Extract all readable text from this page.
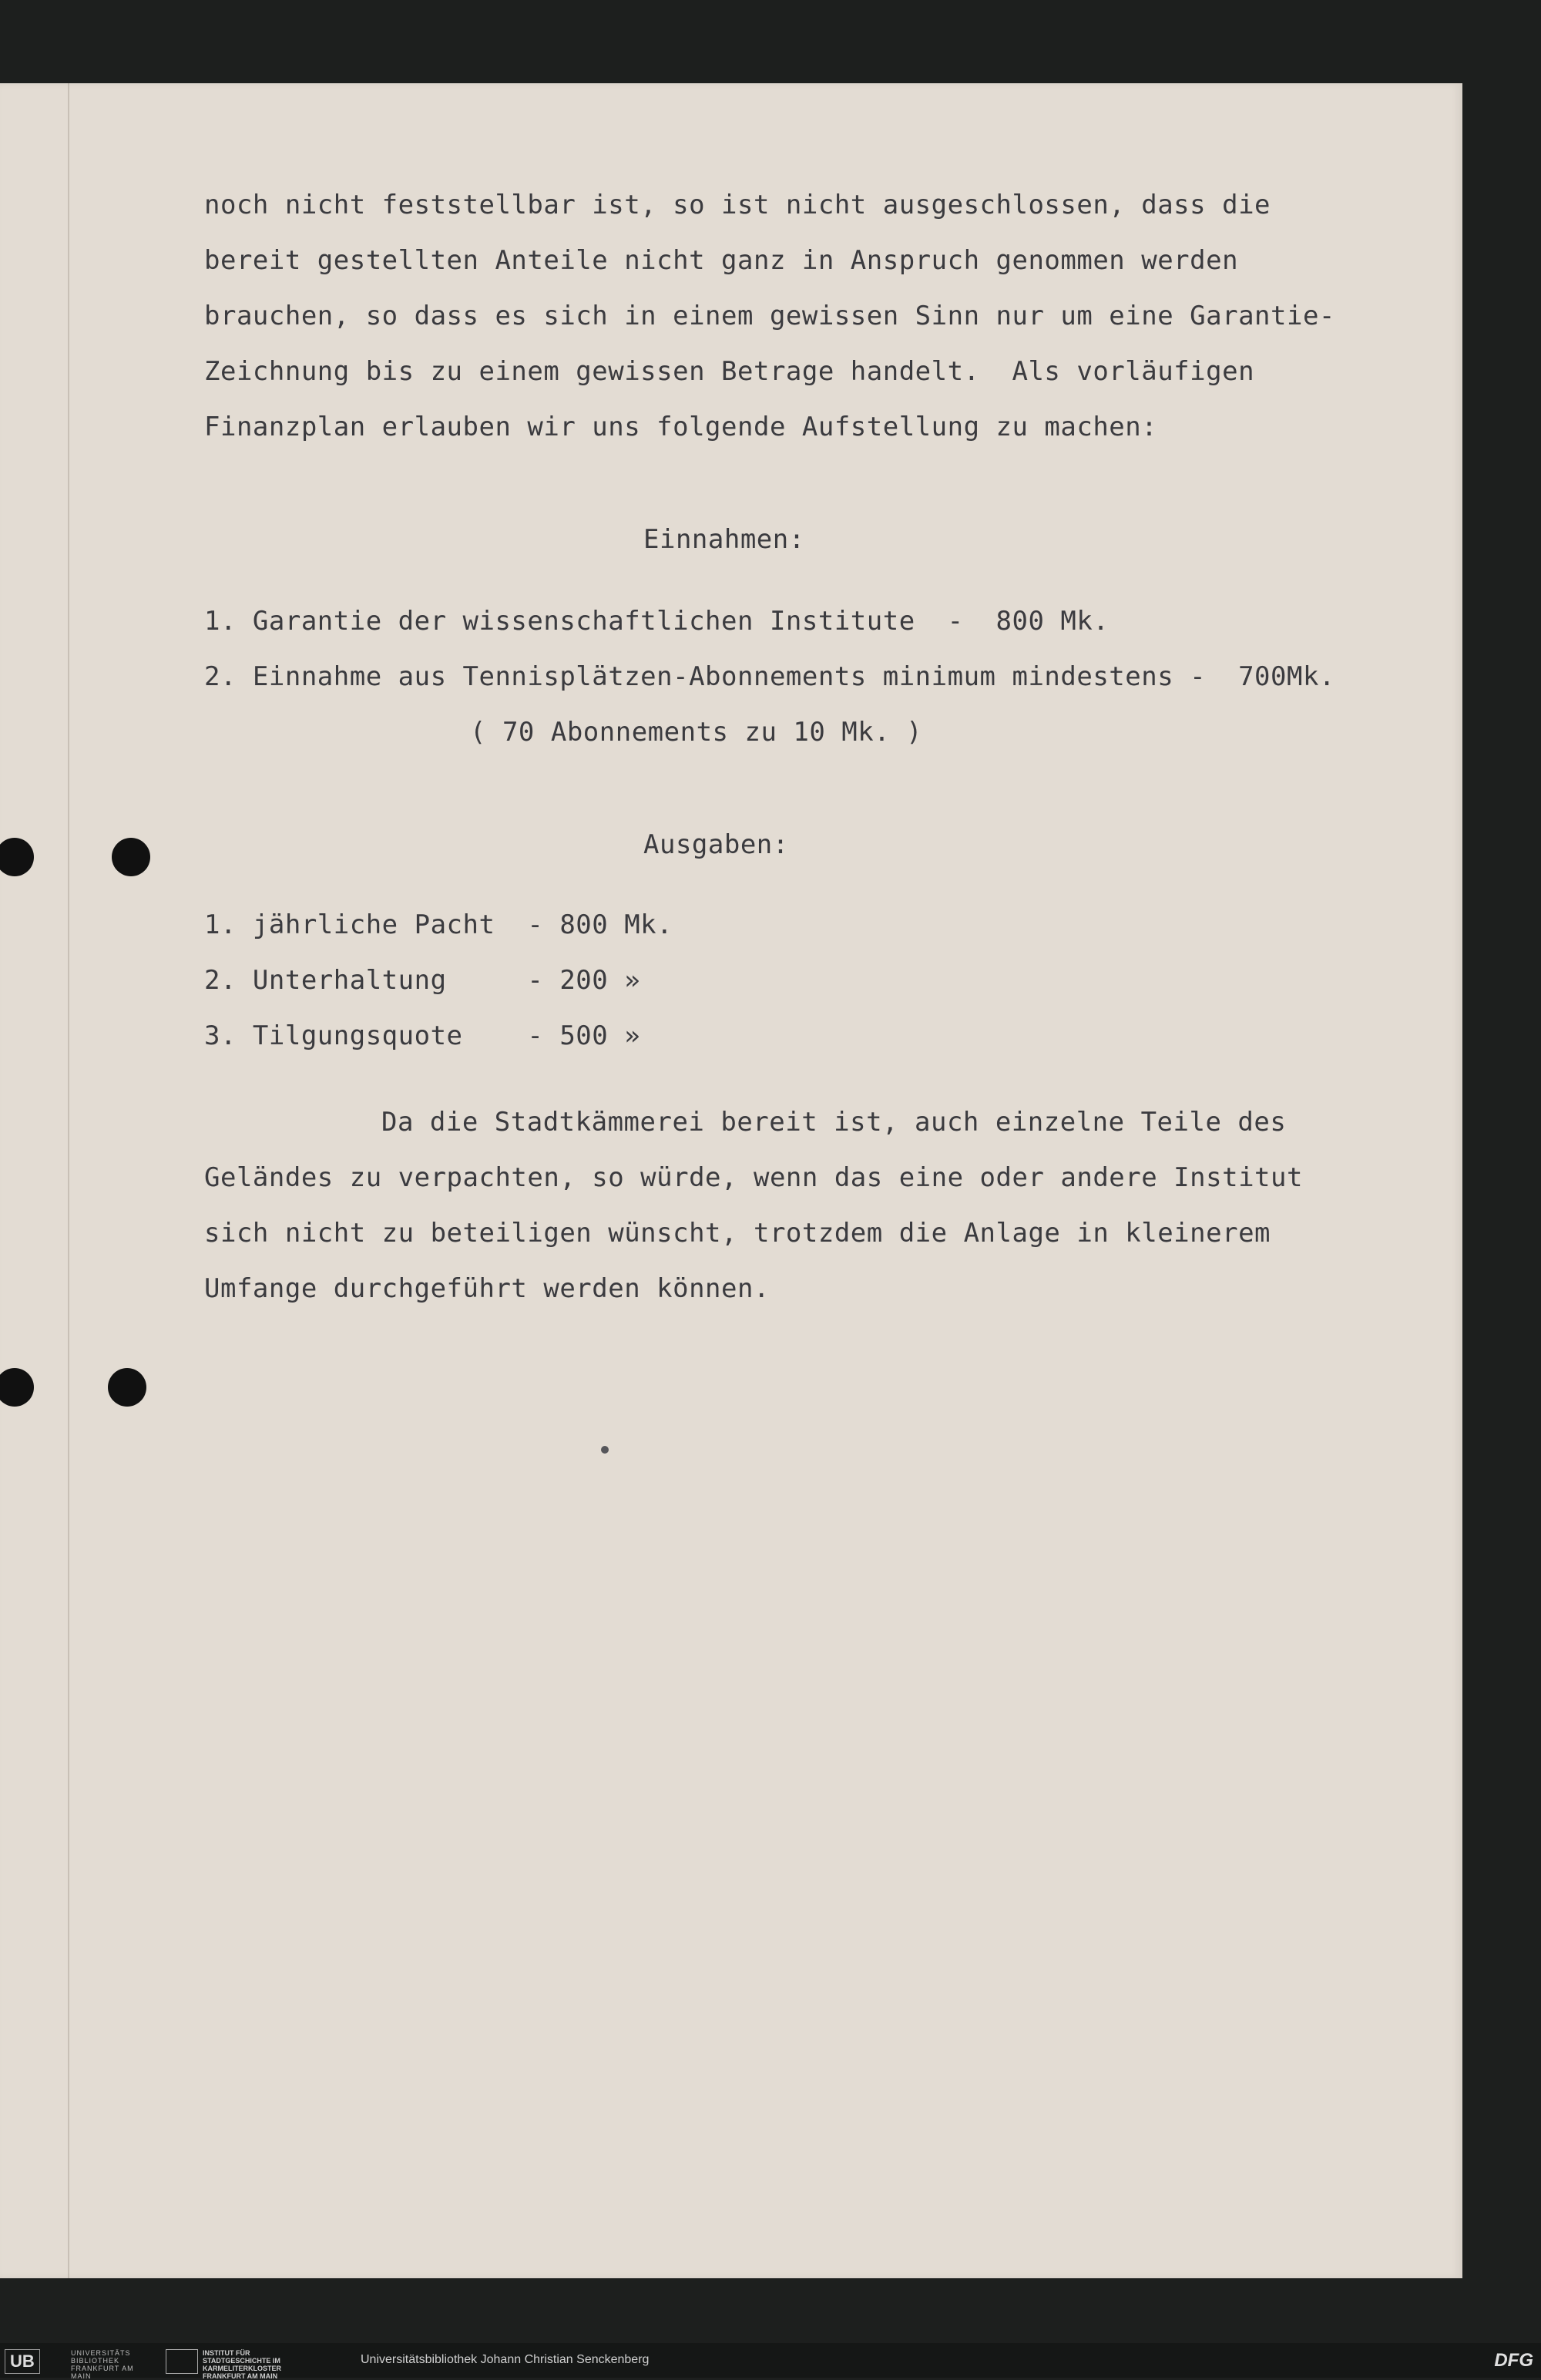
noch nicht feststellbar ist, so ist nicht ausgeschlossen, dass die
bereit gestellten Anteile nicht ganz in Anspruch genommen werden
brauchen, so dass es sich in einem gewissen Sinn nur um eine Garantie-
Zeichnung bis zu einem gewissen Betrage handelt.  Als vorläufigen
Finanzplan erlauben wir uns folgende Aufstellung zu machen:
Einnahmen:
1. Garantie der wissenschaftlichen Institute  -  800 Mk.
2. Einnahme aus Tennisplätzen-Abonnements minimum mindestens -  700Mk.
( 70 Abonnements zu 10 Mk. )
Ausgaben:
1. jährliche Pacht  - 800 Mk.
2. Unterhaltung     - 200 »
3. Tilgungsquote    - 500 »
Da die Stadtkämmerei bereit ist, auch einzelne Teile des
Geländes zu verpachten, so würde, wenn das eine oder andere Institut
sich nicht zu beteiligen wünscht, trotzdem die Anlage in kleinerem
Umfange durchgeführt werden können.
UB	UNIVERSITÄTS BIBLIOTHEK FRANKFURT AM MAIN
INSTITUT FÜR STADTGESCHICHTE IM KARMELITERKLOSTER FRANKFURT AM MAIN
Universitätsbibliothek Johann Christian Senckenberg	DFG
